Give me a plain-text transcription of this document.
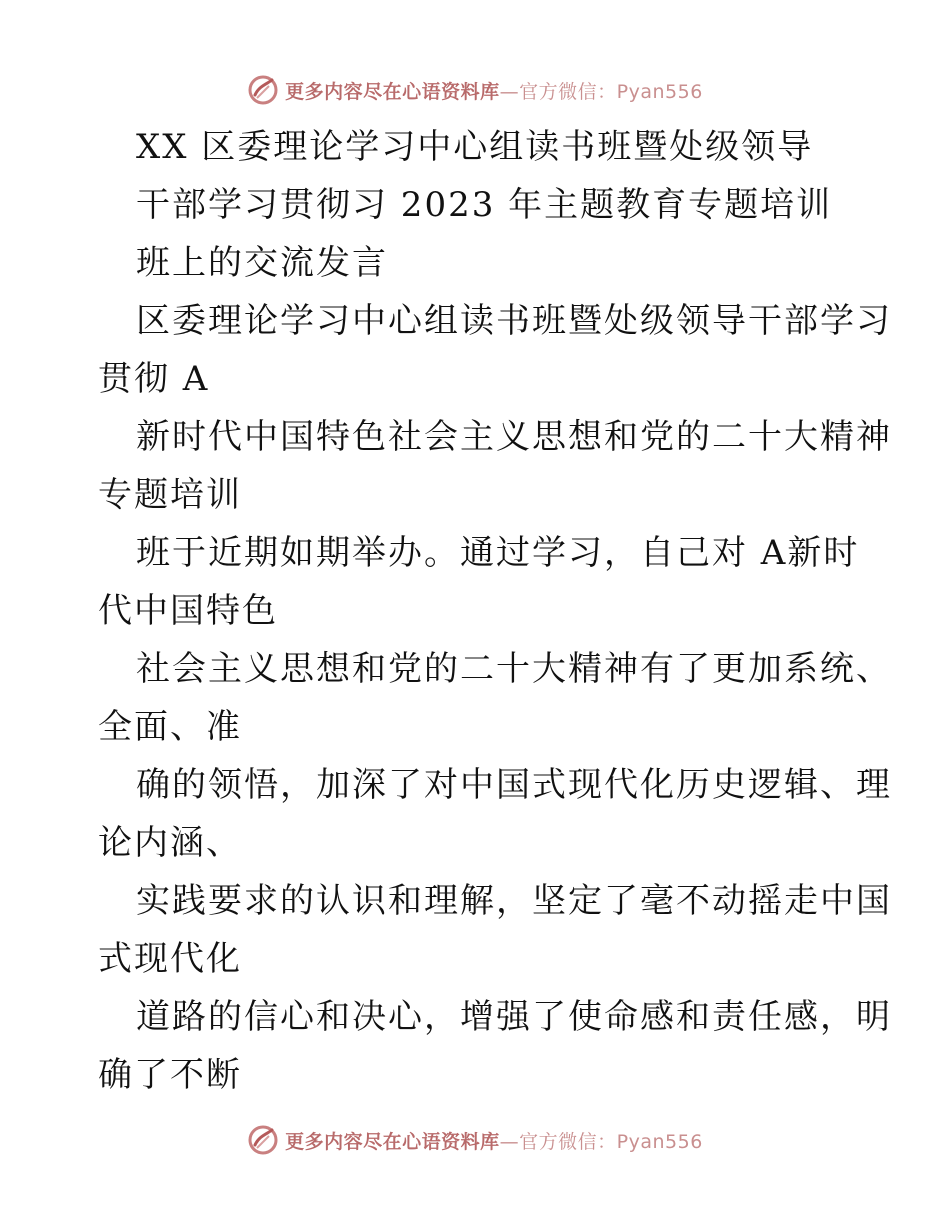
更多内容尽在心语资料库—官方微信：Pyan556
XX 区委理论学习中心组读书班暨处级领导
干部学习贯彻习 2023 年主题教育专题培训
班上的交流发言
区委理论学习中心组读书班暨处级领导干部学习
贯彻 A
新时代中国特色社会主义思想和党的二十大精神
专题培训
班于近期如期举办。通过学习，自己对 A新时
代中国特色
社会主义思想和党的二十大精神有了更加系统、
全面、准
确的领悟，加深了对中国式现代化历史逻辑、理
论内涵、
实践要求的认识和理解，坚定了毫不动摇走中国
式现代化
道路的信心和决心，增强了使命感和责任感，明
确了不断
更多内容尽在心语资料库—官方微信：Pyan556
